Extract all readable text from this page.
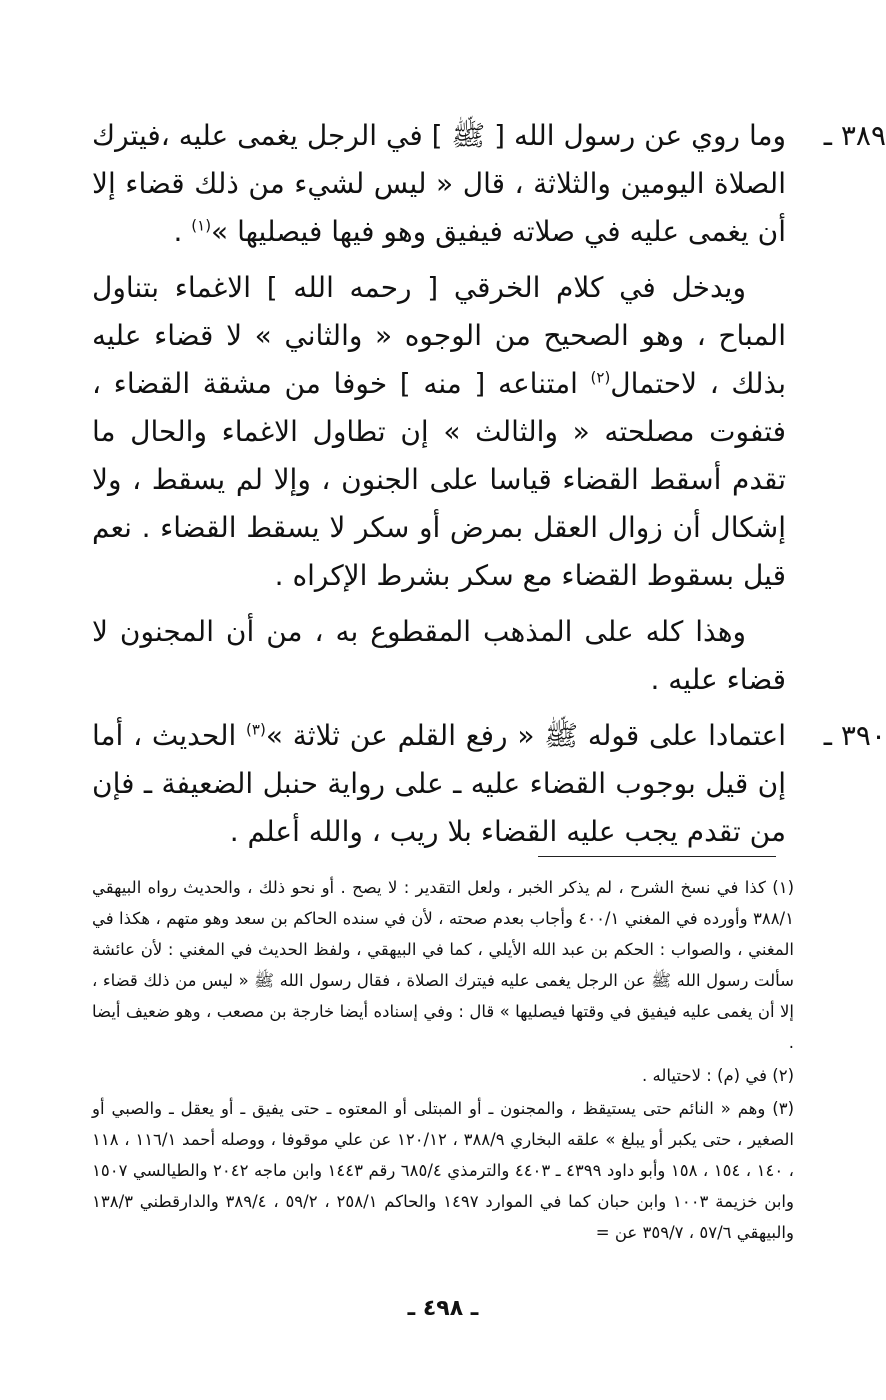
٣٨٩ ـ
وما روي عن رسول الله [ ﷺ ] في الرجل يغمى عليه ،فيترك الصلاة اليومين والثلاثة ، قال « ليس لشيء من ذلك قضاء إلا أن يغمى عليه في صلاته فيفيق وهو فيها فيصليها »$^{(١)}$ .

ويدخل في كلام الخرقي [ رحمه الله ] الاغماء بتناول المباح ، وهو الصحيح من الوجوه « والثاني » لا قضاء عليه بذلك ، لاحتمال$^{(٢)}$ امتناعه [ منه ] خوفا من مشقة القضاء ، فتفوت مصلحته « والثالث » إن تطاول الاغماء والحال ما تقدم أسقط القضاء قياسا على الجنون ، وإلا لم يسقط ، ولا إشكال أن زوال العقل بمرض أو سكر لا يسقط القضاء . نعم قيل بسقوط القضاء مع سكر بشرط الإكراه .

وهذا كله على المذهب المقطوع به ، من أن المجنون لا قضاء عليه .

٣٩٠ ـ
اعتمادا على قوله ﷺ « رفع القلم عن ثلاثة »$^{(٣)}$ الحديث ، أما إن قيل بوجوب القضاء عليه ـ على رواية حنبل الضعيفة ـ فإن من تقدم يجب عليه القضاء بلا ريب ، والله أعلم .

(١) كذا في نسخ الشرح ، لم يذكر الخبر ، ولعل التقدير : لا يصح . أو نحو ذلك ، والحديث رواه البيهقي ٣٨٨/١ وأورده في المغني ٤٠٠/١ وأجاب بعدم صحته ، لأن في سنده الحاكم بن سعد وهو متهم ، هكذا في المغني ، والصواب : الحكم بن عبد الله الأيلي ، كما في البيهقي ، ولفظ الحديث في المغني : لأن عائشة سألت رسول الله ﷺ عن الرجل يغمى عليه فيترك الصلاة ، فقال رسول الله ﷺ « ليس من ذلك قضاء ، إلا أن يغمى عليه فيفيق في وقتها فيصليها » قال : وفي إسناده أيضا خارجة بن مصعب ، وهو ضعيف أيضا .

(٢) في (م) : لاحتياله .

(٣) وهم « النائم حتى يستيقظ ، والمجنون ـ أو المبتلى أو المعتوه ـ حتى يفيق ـ أو يعقل ـ والصبي أو الصغير ، حتى يكبر أو يبلغ » علقه البخاري ٣٨٨/٩ ، ١٢٠/١٢ عن علي موقوفا ، ووصله أحمد ١١٦/١ ، ١١٨ ، ١٤٠ ، ١٥٤ ، ١٥٨ وأبو داود ٤٣٩٩ ـ ٤٤٠٣ والترمذي ٦٨٥/٤ رقم ١٤٤٣ وابن ماجه ٢٠٤٢ والطيالسي ١٥٠٧ وابن خزيمة ١٠٠٣ وابن حبان كما في الموارد ١٤٩٧ والحاكم ٢٥٨/١ ، ٥٩/٢ ، ٣٨٩/٤ والدارقطني ١٣٨/٣ والبيهقي ٥٧/٦ ، ٣٥٩/٧ عن =

ـ ٤٩٨ ـ
